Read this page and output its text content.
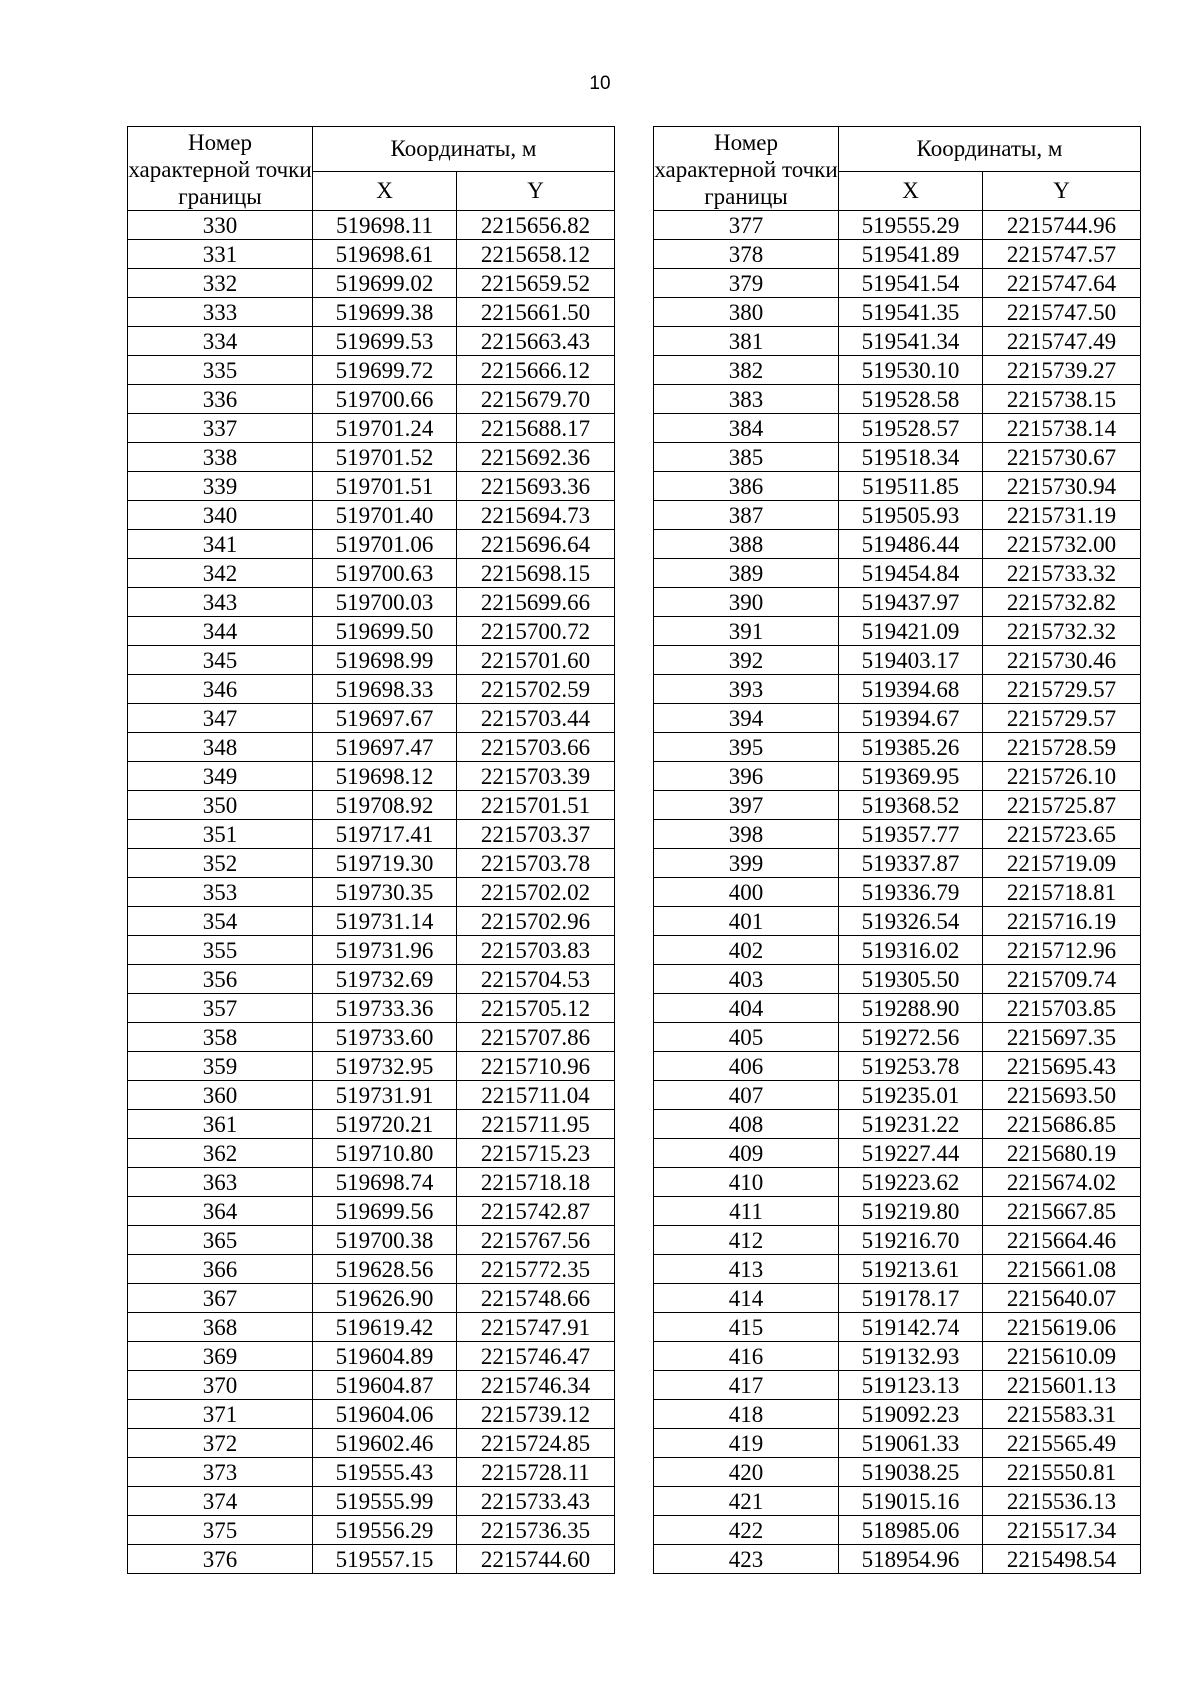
10
Номер характерной точки границы	Координаты, м	
	X	Y
330	519698.11	2215656.82
331	519698.61	2215658.12
332	519699.02	2215659.52
333	519699.38	2215661.50
334	519699.53	2215663.43
335	519699.72	2215666.12
336	519700.66	2215679.70
337	519701.24	2215688.17
338	519701.52	2215692.36
339	519701.51	2215693.36
340	519701.40	2215694.73
341	519701.06	2215696.64
342	519700.63	2215698.15
343	519700.03	2215699.66
344	519699.50	2215700.72
345	519698.99	2215701.60
346	519698.33	2215702.59
347	519697.67	2215703.44
348	519697.47	2215703.66
349	519698.12	2215703.39
350	519708.92	2215701.51
351	519717.41	2215703.37
352	519719.30	2215703.78
353	519730.35	2215702.02
354	519731.14	2215702.96
355	519731.96	2215703.83
356	519732.69	2215704.53
357	519733.36	2215705.12
358	519733.60	2215707.86
359	519732.95	2215710.96
360	519731.91	2215711.04
361	519720.21	2215711.95
362	519710.80	2215715.23
363	519698.74	2215718.18
364	519699.56	2215742.87
365	519700.38	2215767.56
366	519628.56	2215772.35
367	519626.90	2215748.66
368	519619.42	2215747.91
369	519604.89	2215746.47
370	519604.87	2215746.34
371	519604.06	2215739.12
372	519602.46	2215724.85
373	519555.43	2215728.11
374	519555.99	2215733.43
375	519556.29	2215736.35
376	519557.15	2215744.60
Номер характерной точки границы	Координаты, м	
	X	Y
377	519555.29	2215744.96
378	519541.89	2215747.57
379	519541.54	2215747.64
380	519541.35	2215747.50
381	519541.34	2215747.49
382	519530.10	2215739.27
383	519528.58	2215738.15
384	519528.57	2215738.14
385	519518.34	2215730.67
386	519511.85	2215730.94
387	519505.93	2215731.19
388	519486.44	2215732.00
389	519454.84	2215733.32
390	519437.97	2215732.82
391	519421.09	2215732.32
392	519403.17	2215730.46
393	519394.68	2215729.57
394	519394.67	2215729.57
395	519385.26	2215728.59
396	519369.95	2215726.10
397	519368.52	2215725.87
398	519357.77	2215723.65
399	519337.87	2215719.09
400	519336.79	2215718.81
401	519326.54	2215716.19
402	519316.02	2215712.96
403	519305.50	2215709.74
404	519288.90	2215703.85
405	519272.56	2215697.35
406	519253.78	2215695.43
407	519235.01	2215693.50
408	519231.22	2215686.85
409	519227.44	2215680.19
410	519223.62	2215674.02
411	519219.80	2215667.85
412	519216.70	2215664.46
413	519213.61	2215661.08
414	519178.17	2215640.07
415	519142.74	2215619.06
416	519132.93	2215610.09
417	519123.13	2215601.13
418	519092.23	2215583.31
419	519061.33	2215565.49
420	519038.25	2215550.81
421	519015.16	2215536.13
422	518985.06	2215517.34
423	518954.96	2215498.54
